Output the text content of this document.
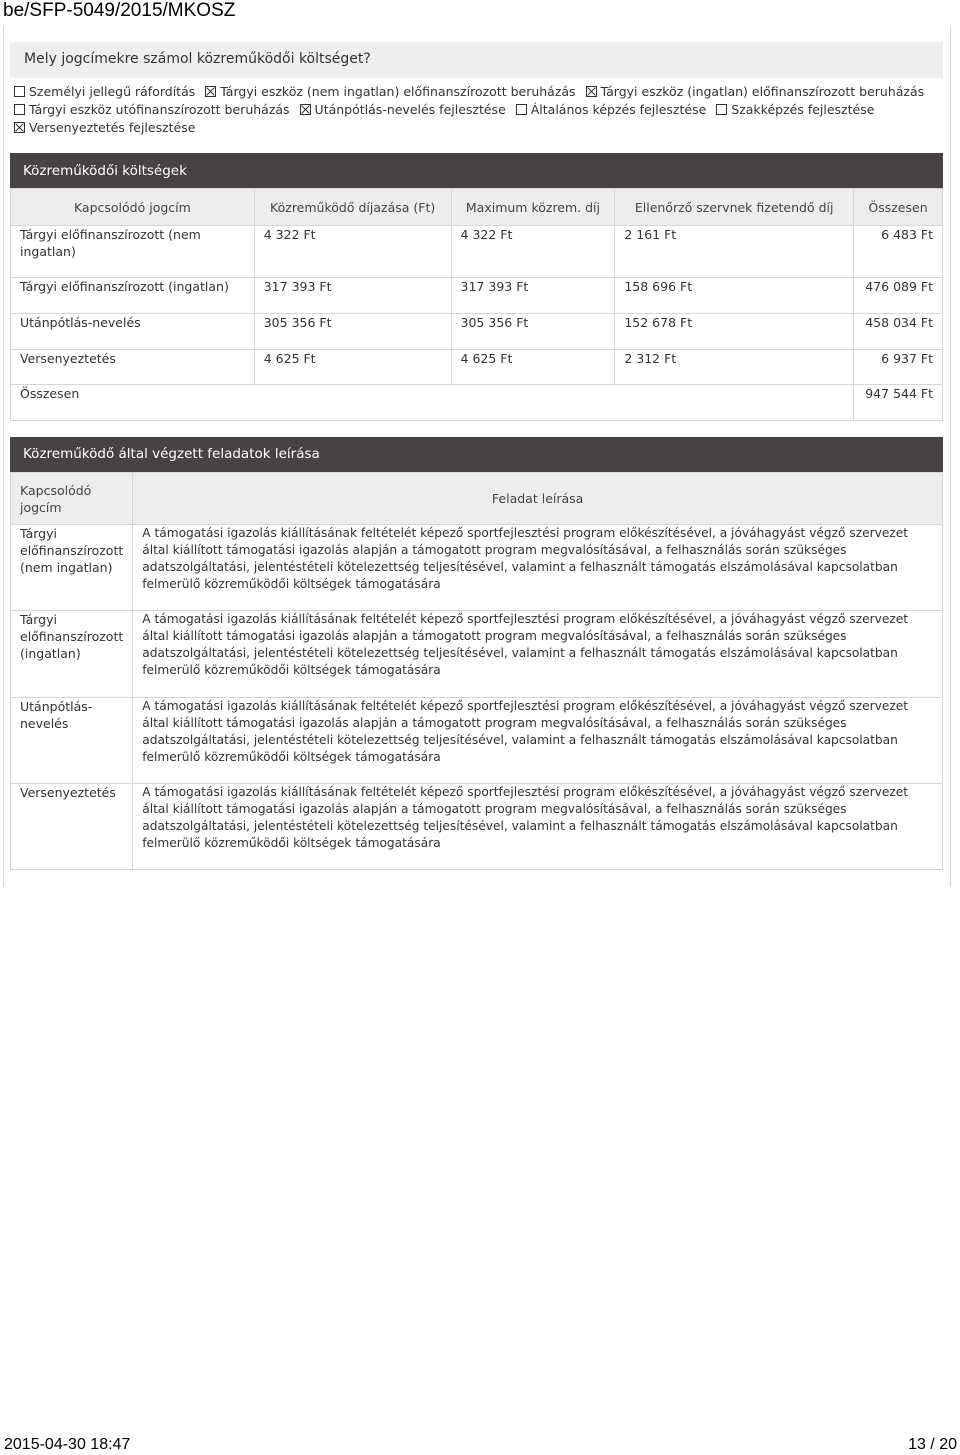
be/SFP-5049/2015/MKOSZ
Mely jogcímekre számol közreműködői költséget?
Személyi jellegű ráfordítás Tárgyi eszköz (nem ingatlan) előfinanszírozott beruházás Tárgyi eszköz (ingatlan) előfinanszírozott beruházás
Tárgyi eszköz utófinanszírozott beruházás Utánpótlás-nevelés fejlesztése Általános képzés fejlesztése Szakképzés fejlesztése
Versenyeztetés fejlesztése
Közreműködői költségek
Kapcsolódó jogcím	Közreműködő díjazása (Ft)	Maximum közrem. díj	Ellenőrző szervnek fizetendő díj	Összesen
Tárgyi előfinanszírozott (nem ingatlan)	4 322 Ft	4 322 Ft	2 161 Ft	6 483 Ft
Tárgyi előfinanszírozott (ingatlan)	317 393 Ft	317 393 Ft	158 696 Ft	476 089 Ft
Utánpótlás-nevelés	305 356 Ft	305 356 Ft	152 678 Ft	458 034 Ft
Versenyeztetés	4 625 Ft	4 625 Ft	2 312 Ft	6 937 Ft
Összesen				947 544 Ft
Közreműködő által végzett feladatok leírása
Kapcsolódó jogcím	Feladat leírása
Tárgyi előfinanszírozott (nem ingatlan)	A támogatási igazolás kiállításának feltételét képező sportfejlesztési program előkészítésével, a jóváhagyást végző szervezet által kiállított támogatási igazolás alapján a támogatott program megvalósításával, a felhasználás során szükséges adatszolgáltatási, jelentéstételi kötelezettség teljesítésével, valamint a felhasznált támogatás elszámolásával kapcsolatban felmerülő közreműködői költségek támogatására
Tárgyi előfinanszírozott (ingatlan)	A támogatási igazolás kiállításának feltételét képező sportfejlesztési program előkészítésével, a jóváhagyást végző szervezet által kiállított támogatási igazolás alapján a támogatott program megvalósításával, a felhasználás során szükséges adatszolgáltatási, jelentéstételi kötelezettség teljesítésével, valamint a felhasznált támogatás elszámolásával kapcsolatban felmerülő közreműködői költségek támogatására
Utánpótlás-nevelés	A támogatási igazolás kiállításának feltételét képező sportfejlesztési program előkészítésével, a jóváhagyást végző szervezet által kiállított támogatási igazolás alapján a támogatott program megvalósításával, a felhasználás során szükséges adatszolgáltatási, jelentéstételi kötelezettség teljesítésével, valamint a felhasznált támogatás elszámolásával kapcsolatban felmerülő közreműködői költségek támogatására
Versenyeztetés	A támogatási igazolás kiállításának feltételét képező sportfejlesztési program előkészítésével, a jóváhagyást végző szervezet által kiállított támogatási igazolás alapján a támogatott program megvalósításával, a felhasználás során szükséges adatszolgáltatási, jelentéstételi kötelezettség teljesítésével, valamint a felhasznált támogatás elszámolásával kapcsolatban felmerülő közreműködői költségek támogatására
2015-04-30 18:47	13 / 20
